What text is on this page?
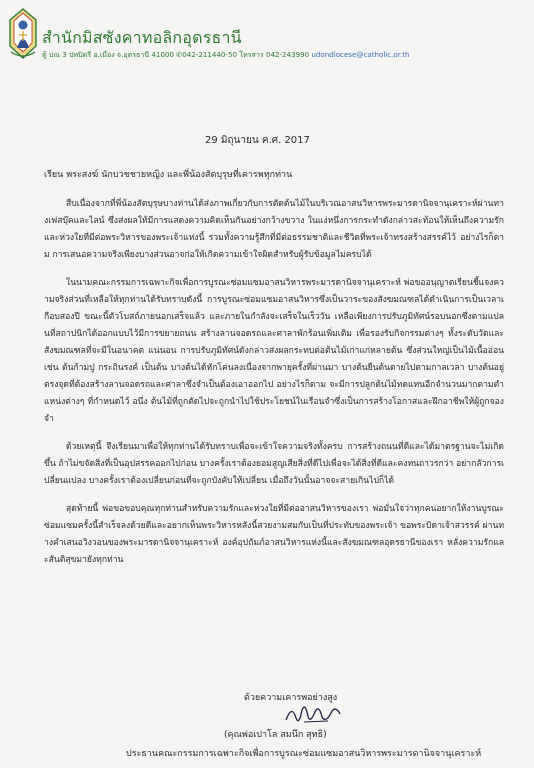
สำนักมิสซังคาทอลิกอุดรธานี
ตู้ ปณ 3 ปทปิตรี อ.เมือง จ.อุดรธานี 41000 ✆042-211440-50 โทรสาร 042-243990 udondiocese@catholic.or.th
29 มิถุนายน ค.ศ. 2017
เรียน พระสงฆ์ นักบวชชายหญิง และพี่น้องสัตบุรุษที่เคารพทุกท่าน

สืบเนื่องจากที่พี่น้องสัตบุรุษบางท่านได้ส่งภาพเกี่ยวกับการตัดต้นไม้ในบริเวณอาสนวิหารพระมารดานิจจานุเคราะห์ผ่านทางเฟสบุ๊คและไลน์ ซึ่งส่งผลให้มีการแสดงความคิดเห็นกันอย่างกว้างขวาง ในแง่หนึ่งการกระทำดังกล่าวสะท้อนให้เห็นถึงความรักและห่วงใยที่มีต่อพระวิหารของพระเจ้าแห่งนี้ รวมทั้งความรู้สึกที่มีต่อธรรมชาติและชีวิตที่พระเจ้าทรงสร้างสรรค์ไว้ อย่างไรก็ตาม การเสนอความจริงเพียงบางส่วนอาจก่อให้เกิดความเข้าใจผิดสำหรับผู้รับข้อมูลไม่ครบได้

ในนามคณะกรรมการเฉพาะกิจเพื่อการบูรณะซ่อมแซมอาสนวิหารพระมารดานิจจานุเคราะห์ พ่อขออนุญาตเรียนชี้แจงความจริงส่วนที่เหลือให้ทุกท่านได้รับทราบดังนี้ การบูรณะซ่อมแซมอาสนวิหารซึ่งเป็นวาระของสังฆมณฑลได้ดำเนินการเป็นเวลาเกือบสองปี ขณะนี้ตัวโบสถ์ภายนอกเสร็จแล้ว และภายในกำลังจะเสร็จในเร็ววัน เหลือเพียงการปรับภูมิทัศน์รอบนอกซึ่งตามแปลนที่สถาปนิกได้ออกแบบไว้มีการขยายถนน สร้างลานจอดรถและศาลาพักร้อนเพิ่มเติม เพื่อรองรับกิจกรรมต่างๆ ทั้งระดับวัดและสังฆมณฑลที่จะมีในอนาคต แน่นอน การปรับภูมิทัศน์ดังกล่าวส่งผลกระทบต่อต้นไม้เก่าแก่หลายต้น ซึ่งส่วนใหญ่เป็นไม้เนื้ออ่อน เช่น ต้นก้ามปู กระถินรงค์ เป็นต้น บางต้นได้หักโค่นลงเนื่องจากพายุครั้งที่ผ่านมา บางต้นยืนต้นตายไปตามกาลเวลา บางต้นอยู่ตรงจุดที่ต้องสร้างลานจอดรถและศาลาซึ่งจำเป็นต้องเอาออกไป อย่างไรก็ตาม จะมีการปลูกต้นไม้ทดแทนอีกจำนวนมากตามตำแหน่งต่างๆ ที่กำหนดไว้ อนึ่ง ต้นไม้ที่ถูกตัดไปจะถูกนำไปใช้ประโยชน์ในเรือนจำซึ่งเป็นการสร้างโอกาสและฝึกอาชีพให้ผู้ถูกจองจำ

ด้วยเหตุนี้ จึงเรียนมาเพื่อให้ทุกท่านได้รับทราบเพื่อจะเข้าใจความจริงทั้งครบ การสร้างถนนที่ดีและได้มาตรฐานจะไม่เกิดขึ้น ถ้าไม่ขจัดสิ่งที่เป็นอุปสรรคออกไปก่อน บางครั้งเราต้องยอมสูญเสียสิ่งที่ดีไปเพื่อจะได้สิ่งที่ดีและคงทนถาวรกว่า อย่ากลัวการเปลี่ยนแปลง บางครั้งเราต้องเปลี่ยนก่อนที่จะถูกบังคับให้เปลี่ยน เมื่อถึงวันนั้นอาจจะสายเกินไปก็ได้

สุดท้ายนี้ พ่อขอขอบคุณทุกท่านสำหรับความรักและห่วงใยที่มีต่ออาสนวิหารของเรา พ่อมั่นใจว่าทุกคนอยากให้งานบูรณะซ่อมแซมครั้งนี้สำเร็จลงด้วยดีและอยากเห็นพระวิหารหลังนี้สวยงามสมกับเป็นที่ประทับของพระเจ้า ขอพระบิดาเจ้าสวรรค์ ผ่านทางคำเสนอวิงวอนของพระมารดานิจจานุเคราะห์ องค์อุปถัมภ์อาสนวิหารแห่งนี้และสังฆมณฑลอุดรธานีของเรา หลั่งความรักและสันติสุขมายังทุกท่าน

ด้วยความเคารพอย่างสูง
(คุณพ่อเปาโล สมนึก สุทธิ)
ประธานคณะกรรมการเฉพาะกิจเพื่อการบูรณะซ่อมแซมอาสนวิหารพระมารดานิจจานุเคราะห์
